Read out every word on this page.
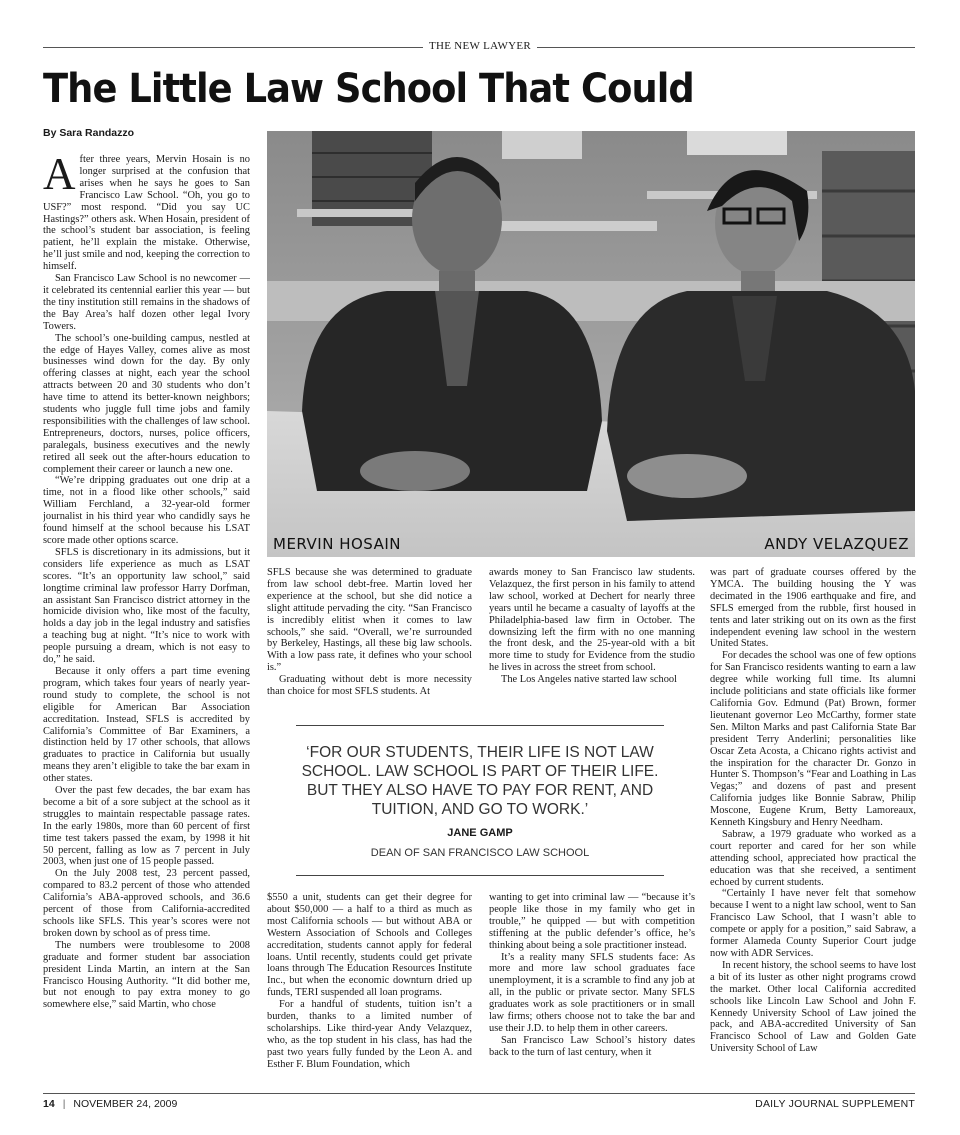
THE NEW LAWYER
The Little Law School That Could
By Sara Randazzo

After three years, Mervin Hosain is no longer surprised at the confusion that arises when he says he goes to San Francisco Law School. “Oh, you go to USF?” most respond. “Did you say UC Hastings?” others ask. When Hosain, president of the school’s student bar association, is feeling patient, he’ll explain the mistake. Otherwise, he’ll just smile and nod, keeping the correction to himself.

San Francisco Law School is no newcomer — it celebrated its centennial earlier this year — but the tiny institution still remains in the shadows of the Bay Area’s half dozen other legal Ivory Towers.

The school’s one-building campus, nestled at the edge of Hayes Valley, comes alive as most businesses wind down for the day. By only offering classes at night, each year the school attracts between 20 and 30 students who don’t have time to attend its better-known neighbors; students who juggle full time jobs and family responsibilities with the challenges of law school. Entrepreneurs, doctors, nurses, police officers, paralegals, business executives and the newly retired all seek out the after-hours education to complement their career or launch a new one.

“We’re dripping graduates out one drip at a time, not in a flood like other schools,” said William Ferchland, a 32-year-old former journalist in his third year who candidly says he found himself at the school because his LSAT score made other options scarce.

SFLS is discretionary in its admissions, but it considers life experience as much as LSAT scores. “It’s an opportunity law school,” said longtime criminal law professor Harry Dorfman, an assistant San Francisco district attorney in the homicide division who, like most of the faculty, holds a day job in the legal industry and satisfies a teaching bug at night. “It’s nice to work with people pursuing a dream, which is not easy to do,” he said.

Because it only offers a part time evening program, which takes four years of nearly year-round study to complete, the school is not eligible for American Bar Association accreditation. Instead, SFLS is accredited by California’s Committee of Bar Examiners, a distinction held by 17 other schools, that allows graduates to practice in California but usually means they aren’t eligible to take the bar exam in other states.

Over the past few decades, the bar exam has become a bit of a sore subject at the school as it struggles to maintain respectable passage rates. In the early 1980s, more than 60 percent of first time test takers passed the exam, by 1998 it hit 50 percent, falling as low as 7 percent in July 2003, when just one of 15 people passed.

On the July 2008 test, 23 percent passed, compared to 83.2 percent of those who attended California’s ABA-approved schools, and 36.6 percent of those from California-accredited schools like SFLS. This year’s scores were not broken down by school as of press time.

The numbers were troublesome to 2008 graduate and former student bar association president Linda Martin, an intern at the San Francisco Housing Authority. “It did bother me, but not enough to pay extra money to go somewhere else,” said Martin, who chose

MERVIN HOSAIN	ANDY VELAZQUEZ

SFLS because she was determined to graduate from law school debt-free. Martin loved her experience at the school, but she did notice a slight attitude pervading the city. “San Francisco is incredibly elitist when it comes to law schools,” she said. “Overall, we’re surrounded by Berkeley, Hastings, all these big law schools. With a low pass rate, it defines who your school is.”

Graduating without debt is more necessity than choice for most SFLS students. At

awards money to San Francisco law students. Velazquez, the first person in his family to attend law school, worked at Dechert for nearly three years until he became a casualty of layoffs at the Philadelphia-based law firm in October. The downsizing left the firm with no one manning the front desk, and the 25-year-old with a bit more time to study for Evidence from the studio he lives in across the street from school.

The Los Angeles native started law school

‘FOR OUR STUDENTS, THEIR LIFE IS NOT LAW SCHOOL. LAW SCHOOL IS PART OF THEIR LIFE. BUT THEY ALSO HAVE TO PAY FOR RENT, AND TUITION, AND GO TO WORK.’

JANE GAMP
DEAN OF SAN FRANCISCO LAW SCHOOL

$550 a unit, students can get their degree for about $50,000 — a half to a third as much as most California schools — but without ABA or Western Association of Schools and Colleges accreditation, students cannot apply for federal loans. Until recently, students could get private loans through The Education Resources Institute Inc., but when the economic downturn dried up funds, TERI suspended all loan programs.

For a handful of students, tuition isn’t a burden, thanks to a limited number of scholarships. Like third-year Andy Velazquez, who, as the top student in his class, has had the past two years fully funded by the Leon A. and Esther F. Blum Foundation, which

wanting to get into criminal law — “because it’s people like those in my family who get in trouble,” he quipped — but with competition stiffening at the public defender’s office, he’s thinking about being a sole practitioner instead.

It’s a reality many SFLS students face: As more and more law school graduates face unemployment, it is a scramble to find any job at all, in the public or private sector. Many SFLS graduates work as sole practitioners or in small law firms; others choose not to take the bar and use their J.D. to help them in other careers.

San Francisco Law School’s history dates back to the turn of last century, when it

was part of graduate courses offered by the YMCA. The building housing the Y was decimated in the 1906 earthquake and fire, and SFLS emerged from the rubble, first housed in tents and later striking out on its own as the first independent evening law school in the western United States.

For decades the school was one of few options for San Francisco residents wanting to earn a law degree while working full time. Its alumni include politicians and state officials like former California Gov. Edmund (Pat) Brown, former lieutenant governor Leo McCarthy, former state Sen. Milton Marks and past California State Bar president Terry Anderlini; personalities like Oscar Zeta Acosta, a Chicano rights activist and the inspiration for the character Dr. Gonzo in Hunter S. Thompson’s “Fear and Loathing in Las Vegas;” and dozens of past and present California judges like Bonnie Sabraw, Philip Moscone, Eugene Krum, Betty Lamoreaux, Kenneth Kingsbury and Henry Needham.

Sabraw, a 1979 graduate who worked as a court reporter and cared for her son while attending school, appreciated how practical the education was that she received, a sentiment echoed by current students.

“Certainly I have never felt that somehow because I went to a night law school, went to San Francisco Law School, that I wasn’t able to compete or apply for a position,” said Sabraw, a former Alameda County Superior Court judge now with ADR Services.

In recent history, the school seems to have lost a bit of its luster as other night programs crowd the market. Other local California accredited schools like Lincoln Law School and John F. Kennedy University School of Law joined the pack, and ABA-accredited University of San Francisco School of Law and Golden Gate University School of Law

14 | NOVEMBER 24, 2009	DAILY JOURNAL SUPPLEMENT
